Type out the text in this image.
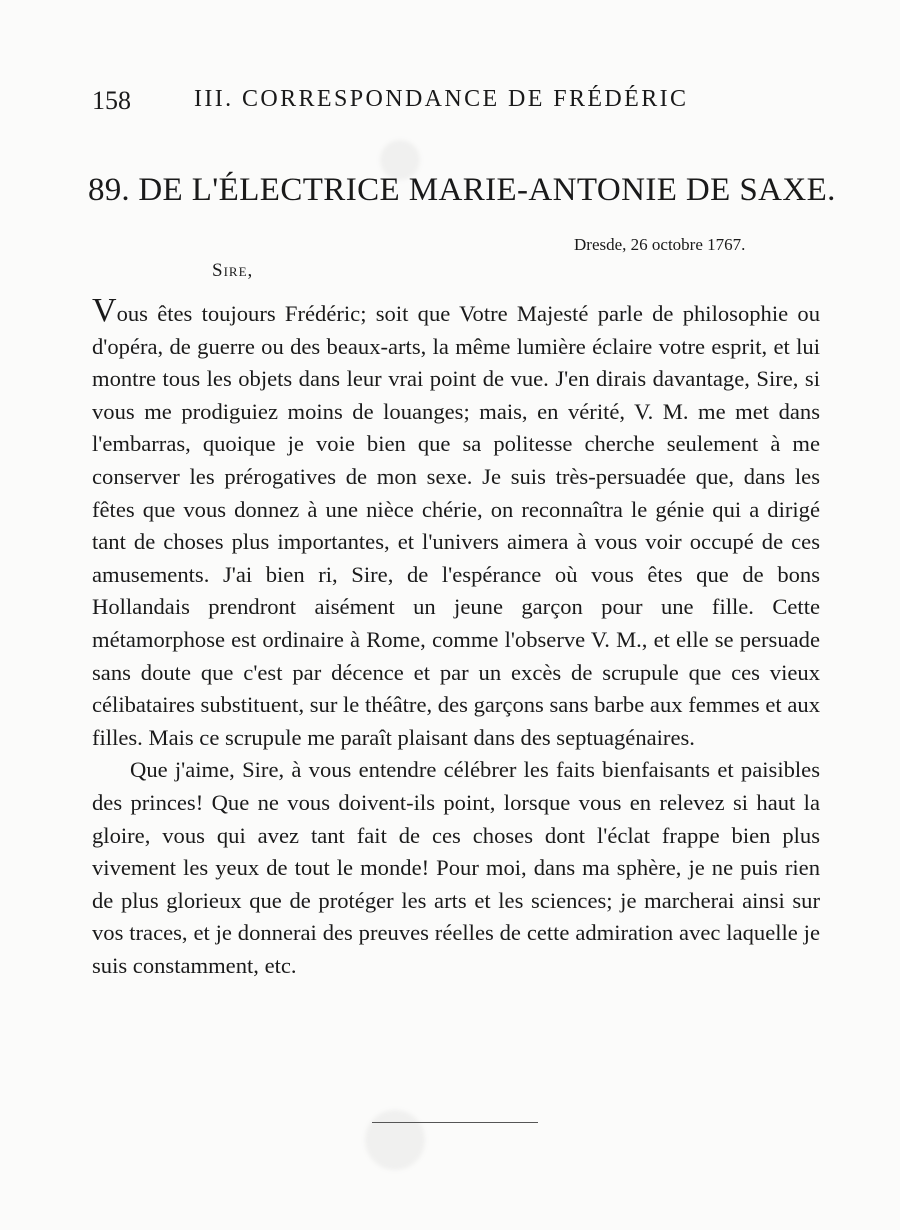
158	III. CORRESPONDANCE DE FRÉDÉRIC
89. DE L'ÉLECTRICE MARIE-ANTONIE DE SAXE.
Dresde, 26 octobre 1767.
Sire,

Vous êtes toujours Frédéric; soit que Votre Majesté parle de philosophie ou d'opéra, de guerre ou des beaux-arts, la même lumière éclaire votre esprit, et lui montre tous les objets dans leur vrai point de vue. J'en dirais davantage, Sire, si vous me prodiguiez moins de louanges; mais, en vérité, V. M. me met dans l'embarras, quoique je voie bien que sa politesse cherche seulement à me conserver les prérogatives de mon sexe. Je suis très-persuadée que, dans les fêtes que vous donnez à une nièce chérie, on reconnaîtra le génie qui a dirigé tant de choses plus importantes, et l'univers aimera à vous voir occupé de ces amusements. J'ai bien ri, Sire, de l'espérance où vous êtes que de bons Hollandais prendront aisément un jeune garçon pour une fille. Cette métamorphose est ordinaire à Rome, comme l'observe V. M., et elle se persuade sans doute que c'est par décence et par un excès de scrupule que ces vieux célibataires substituent, sur le théâtre, des garçons sans barbe aux femmes et aux filles. Mais ce scrupule me paraît plaisant dans des septuagénaires.

Que j'aime, Sire, à vous entendre célébrer les faits bienfaisants et paisibles des princes! Que ne vous doivent-ils point, lorsque vous en relevez si haut la gloire, vous qui avez tant fait de ces choses dont l'éclat frappe bien plus vivement les yeux de tout le monde! Pour moi, dans ma sphère, je ne puis rien de plus glorieux que de protéger les arts et les sciences; je marcherai ainsi sur vos traces, et je donnerai des preuves réelles de cette admiration avec laquelle je suis constamment, etc.
